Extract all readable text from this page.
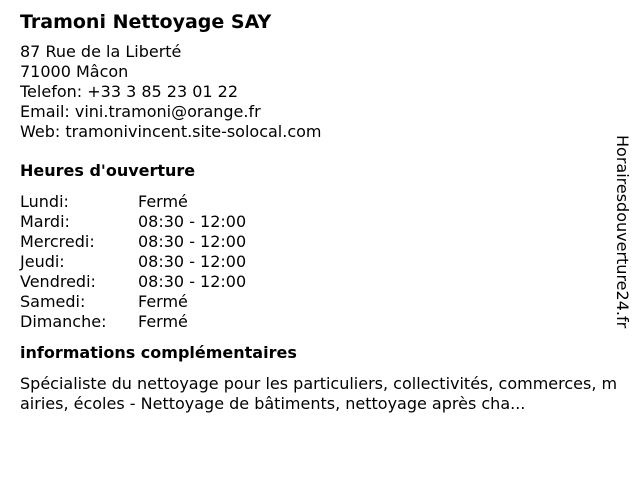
Tramoni Nettoyage SAY
87 Rue de la Liberté
71000 Mâcon
Telefon: +33 3 85 23 01 22
Email: vini.tramoni@orange.fr
Web: tramonivincent.site-solocal.com
Heures d'ouverture
Lundi:	Fermé
Mardi:	08:30 - 12:00
Mercredi:	08:30 - 12:00
Jeudi:	08:30 - 12:00
Vendredi:	08:30 - 12:00
Samedi:	Fermé
Dimanche:	Fermé
informations complémentaires
Spécialiste du nettoyage pour les particuliers, collectivités, commerces, mairies, écoles - Nettoyage de bâtiments, nettoyage après cha...
Horairesdouverture24.fr
